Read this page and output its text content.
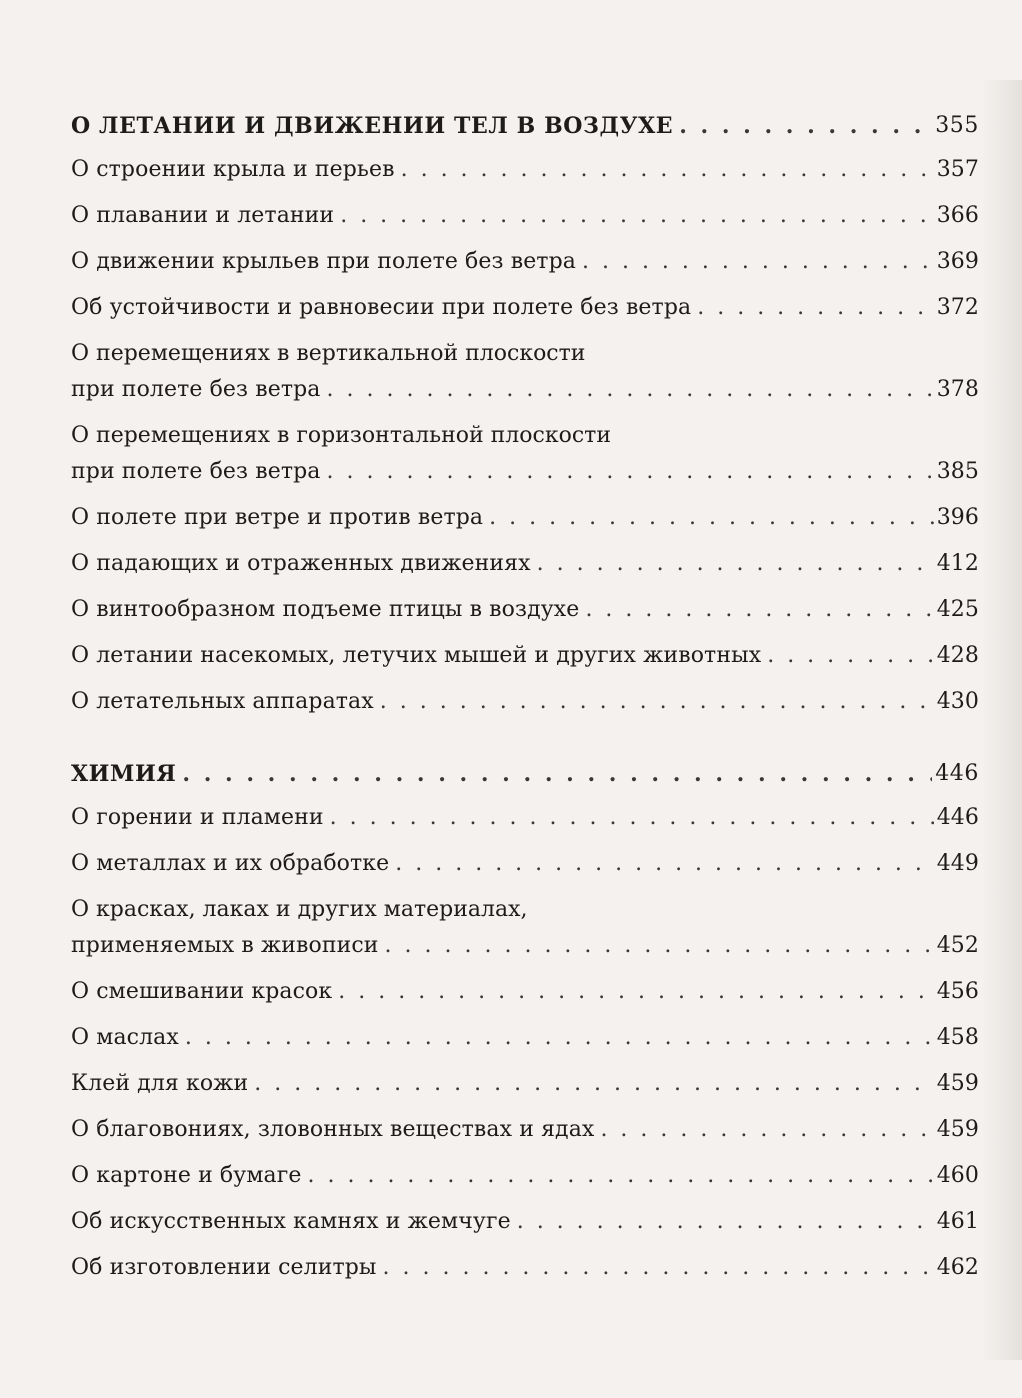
О ЛЕТАНИИ И ДВИЖЕНИИ ТЕЛ В ВОЗДУХЕ . . .	355
О строении крыла и перьев . . .	357
О плавании и летании . . .	366
О движении крыльев при полете без ветра . . .	369
Об устойчивости и равновесии при полете без ветра . . .	372
О перемещениях в вертикальной плоскости
при полете без ветра . . .	378
О перемещениях в горизонтальной плоскости
при полете без ветра . . .	385
О полете при ветре и против ветра . . .	396
О падающих и отраженных движениях . . .	412
О винтообразном подъеме птицы в воздухе . . .	425
О летании насекомых, летучих мышей и других животных . . .	428
О летательных аппаратах . . .	430
ХИМИЯ . . .	446
О горении и пламени . . .	446
О металлах и их обработке . . .	449
О красках, лаках и других материалах,
применяемых в живописи . . .	452
О смешивании красок . . .	456
О маслах . . .	458
Клей для кожи . . .	459
О благовониях, зловонных веществах и ядах . . .	459
О картоне и бумаге . . .	460
Об искусственных камнях и жемчуге . . .	461
Об изготовлении селитры . . .	462
